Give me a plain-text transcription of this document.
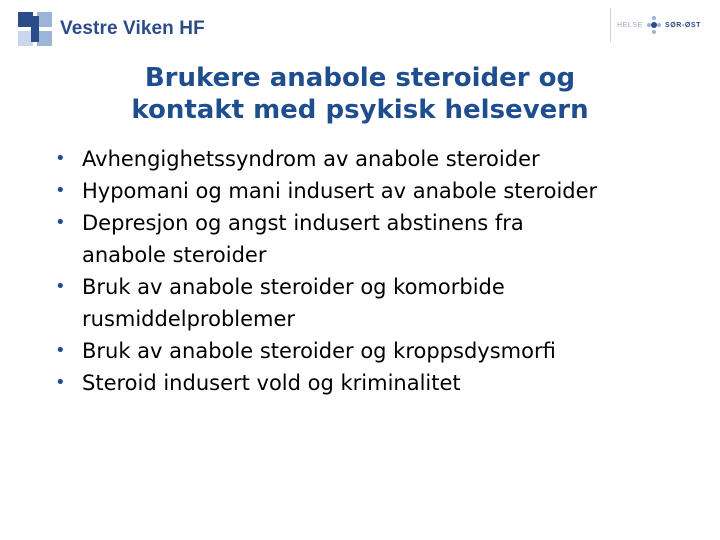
Vestre Viken HF	HELSE	SØR-ØST
Brukere anabole steroider og
kontakt med psykisk helsevern
• Avhengighetssyndrom av anabole steroider
• Hypomani og mani indusert av anabole steroider
• Depresjon og angst indusert abstinens fra
anabole steroider
• Bruk av anabole steroider og komorbide
rusmiddelproblemer
• Bruk av anabole steroider og kroppsdysmorfi
• Steroid indusert vold og kriminalitet
